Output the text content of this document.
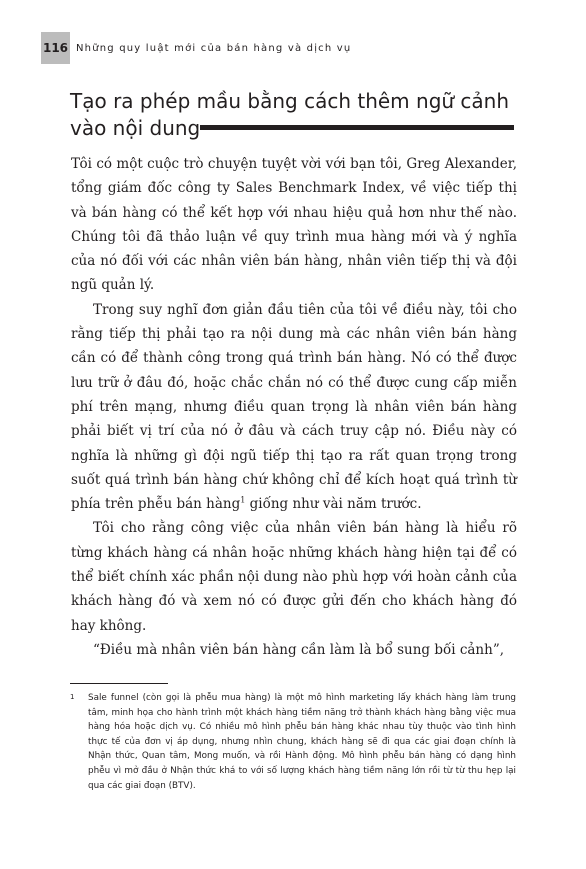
116 Những quy luật mới của bán hàng và dịch vụ
Tạo ra phép mầu bằng cách thêm ngữ cảnh
vào nội dung

Tôi có một cuộc trò chuyện tuyệt vời với bạn tôi, Greg Alexander, tổng giám đốc công ty Sales Benchmark Index, về việc tiếp thị và bán hàng có thể kết hợp với nhau hiệu quả hơn như thế nào. Chúng tôi đã thảo luận về quy trình mua hàng mới và ý nghĩa của nó đối với các nhân viên bán hàng, nhân viên tiếp thị và đội ngũ quản lý.

Trong suy nghĩ đơn giản đầu tiên của tôi về điều này, tôi cho rằng tiếp thị phải tạo ra nội dung mà các nhân viên bán hàng cần có để thành công trong quá trình bán hàng. Nó có thể được lưu trữ ở đâu đó, hoặc chắc chắn nó có thể được cung cấp miễn phí trên mạng, nhưng điều quan trọng là nhân viên bán hàng phải biết vị trí của nó ở đâu và cách truy cập nó. Điều này có nghĩa là những gì đội ngũ tiếp thị tạo ra rất quan trọng trong suốt quá trình bán hàng chứ không chỉ để kích hoạt quá trình từ phía trên phễu bán hàng$^1$ giống như vài năm trước.

Tôi cho rằng công việc của nhân viên bán hàng là hiểu rõ từng khách hàng cá nhân hoặc những khách hàng hiện tại để có thể biết chính xác phần nội dung nào phù hợp với hoàn cảnh của khách hàng đó và xem nó có được gửi đến cho khách hàng đó hay không.

“Điều mà nhân viên bán hàng cần làm là bổ sung bối cảnh”,

1	Sale funnel (còn gọi là phễu mua hàng) là một mô hình marketing lấy khách hàng làm trung tâm, minh họa cho hành trình một khách hàng tiềm năng trở thành khách hàng bằng việc mua hàng hóa hoặc dịch vụ. Có nhiều mô hình phễu bán hàng khác nhau tùy thuộc vào tình hình thực tế của đơn vị áp dụng, nhưng nhìn chung, khách hàng sẽ đi qua các giai đoạn chính là Nhận thức, Quan tâm, Mong muốn, và rồi Hành động. Mô hình phễu bán hàng có dạng hình phễu vì mở đầu ở Nhận thức khá to với số lượng khách hàng tiềm năng lớn rồi từ từ thu hẹp lại qua các giai đoạn (BTV).
